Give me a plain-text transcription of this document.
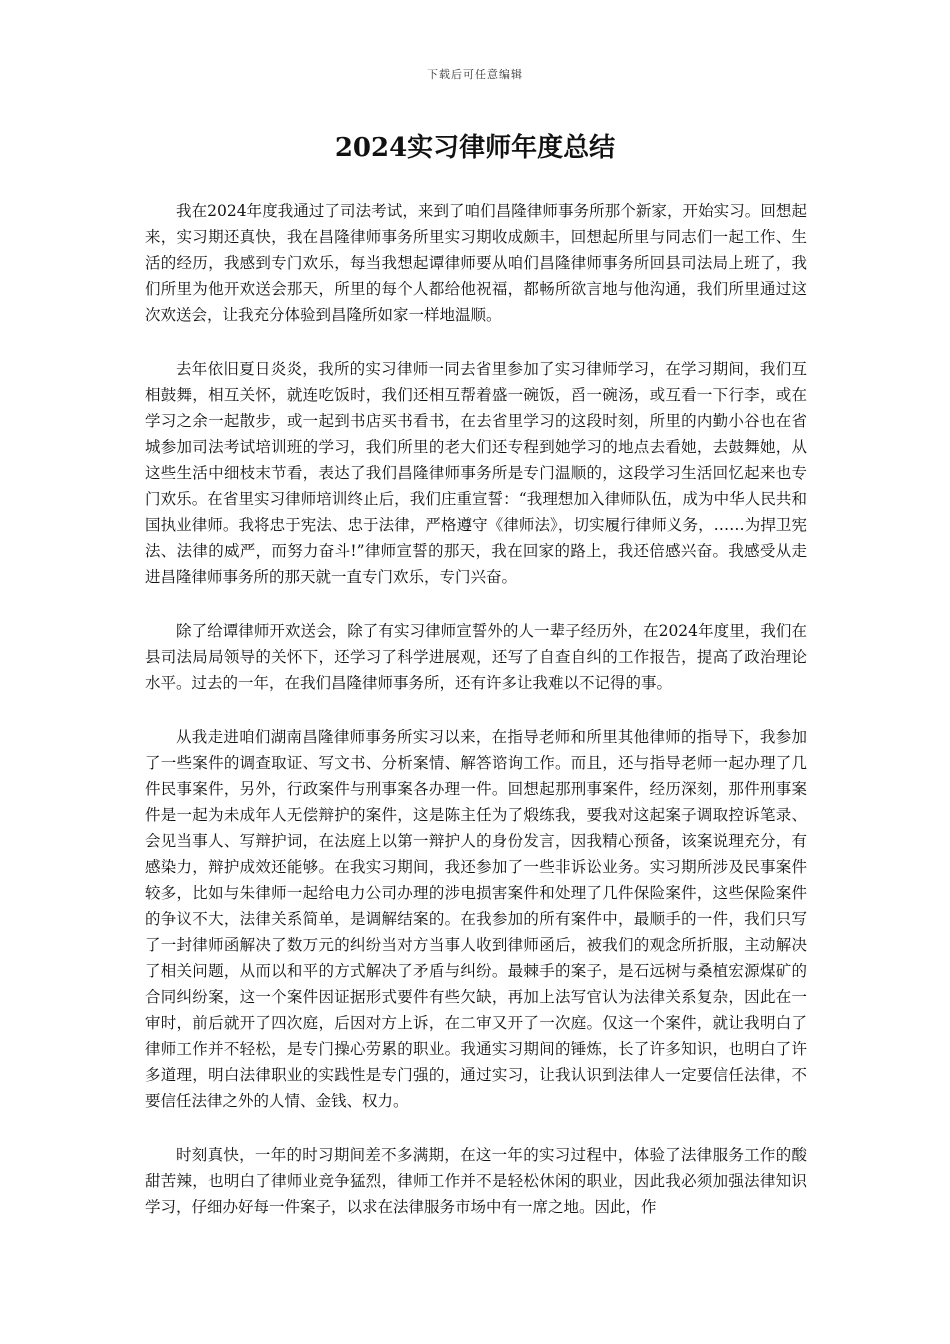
下载后可任意编辑
2024实习律师年度总结

我在2024年度我通过了司法考试，来到了咱们昌隆律师事务所那个新家，开始实习。回想起来，实习期还真快，我在昌隆律师事务所里实习期收成颇丰，回想起所里与同志们一起工作、生活的经历，我感到专门欢乐，每当我想起谭律师要从咱们昌隆律师事务所回县司法局上班了，我们所里为他开欢送会那天，所里的每个人都给他祝福，都畅所欲言地与他沟通，我们所里通过这次欢送会，让我充分体验到昌隆所如家一样地温顺。

去年依旧夏日炎炎，我所的实习律师一同去省里参加了实习律师学习，在学习期间，我们互相鼓舞，相互关怀，就连吃饭时，我们还相互帮着盛一碗饭，舀一碗汤，或互看一下行李，或在学习之余一起散步，或一起到书店买书看书，在去省里学习的这段时刻，所里的内勤小谷也在省城参加司法考试培训班的学习，我们所里的老大们还专程到她学习的地点去看她，去鼓舞她，从这些生活中细枝末节看，表达了我们昌隆律师事务所是专门温顺的，这段学习生活回忆起来也专门欢乐。在省里实习律师培训终止后，我们庄重宣誓：“我理想加入律师队伍，成为中华人民共和国执业律师。我将忠于宪法、忠于法律，严格遵守《律师法》，切实履行律师义务，……为捍卫宪法、法律的威严，而努力奋斗!”律师宣誓的那天，我在回家的路上，我还倍感兴奋。我感受从走进昌隆律师事务所的那天就一直专门欢乐，专门兴奋。

除了给谭律师开欢送会，除了有实习律师宣誓外的人一辈子经历外，在2024年度里，我们在县司法局局领导的关怀下，还学习了科学进展观，还写了自查自纠的工作报告，提高了政治理论水平。过去的一年，在我们昌隆律师事务所，还有许多让我难以不记得的事。

从我走进咱们湖南昌隆律师事务所实习以来，在指导老师和所里其他律师的指导下，我参加了一些案件的调查取证、写文书、分析案情、解答谘询工作。而且，还与指导老师一起办理了几件民事案件，另外，行政案件与刑事案各办理一件。回想起那刑事案件，经历深刻，那件刑事案件是一起为未成年人无偿辩护的案件，这是陈主任为了煅练我，要我对这起案子调取控诉笔录、会见当事人、写辩护词，在法庭上以第一辩护人的身份发言，因我精心预备，该案说理充分，有感染力，辩护成效还能够。在我实习期间，我还参加了一些非诉讼业务。实习期所涉及民事案件较多，比如与朱律师一起给电力公司办理的涉电损害案件和处理了几件保险案件，这些保险案件的争议不大，法律关系简单，是调解结案的。在我参加的所有案件中，最顺手的一件，我们只写了一封律师函解决了数万元的纠纷当对方当事人收到律师函后，被我们的观念所折服，主动解决了相关问题，从而以和平的方式解决了矛盾与纠纷。最棘手的案子，是石远树与桑植宏源煤矿的合同纠纷案，这一个案件因证据形式要件有些欠缺，再加上法写官认为法律关系复杂，因此在一审时，前后就开了四次庭，后因对方上诉，在二审又开了一次庭。仅这一个案件，就让我明白了律师工作并不轻松，是专门操心劳累的职业。我通实习期间的锤炼，长了许多知识，也明白了许多道理，明白法律职业的实践性是专门强的，通过实习，让我认识到法律人一定要信任法律，不要信任法律之外的人情、金钱、权力。

时刻真快，一年的时习期间差不多满期，在这一年的实习过程中，体验了法律服务工作的酸甜苦辣，也明白了律师业竞争猛烈，律师工作并不是轻松休闲的职业，因此我必须加强法律知识学习，仔细办好每一件案子，以求在法律服务市场中有一席之地。因此，作
